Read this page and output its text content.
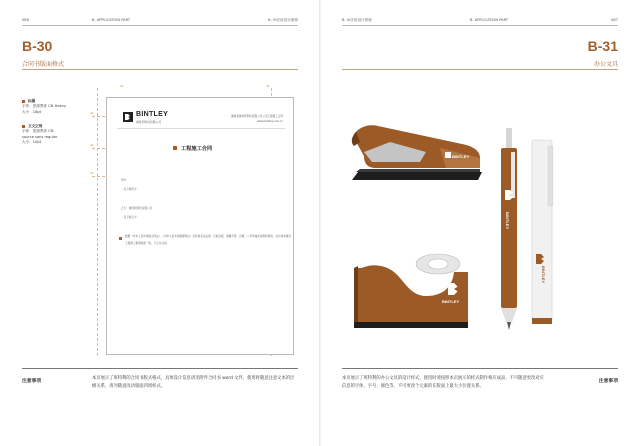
086	B. APPLICATION PART	B. VI应用设计系统
B-30
合同书版面格式
标题
字体：思源黑体 CN Heavy
大小：18pt
文文正规
字体：思源黑体 CN
source sans regular
大小：10pt
20
20
20
30
20
BINTLEY
斑特利科技有限公司
湖南省斑特利科技有限公司公司工程施工合同
www.bintley.com.cn
工程施工合同
甲方：
（以下称甲方）
乙方：斑特利科技有限公司
（以下称乙方）
根据《中华人民共和国合同法》、《中华人民共和国建筑法》及其他有关法律、行政法规，遵循平等、自愿、公平和诚实信用的原则，双方就本建设工程施工事项协商一致，订立本合同。
注意事项
本页展示了班特利的合同书版式格式，具体设计信息请见附件合同书 word 文件，使用时随意注意文本的层级关系，请勿随意改动版面四周样式。
B. VI应用设计系统	B. APPLICATION PART	087
B-31
办公文具
BINTLEY
BINTLEY
BINTLEY
BINTLEY
本页展示了班特利的办公文具的设计样式，使用时请按照本页展示的样式制作相应成品，不可随意更改对应信息的字体、字号、颜色等，不可更改个元素的在版面上最大小位置关系。
注意事项
